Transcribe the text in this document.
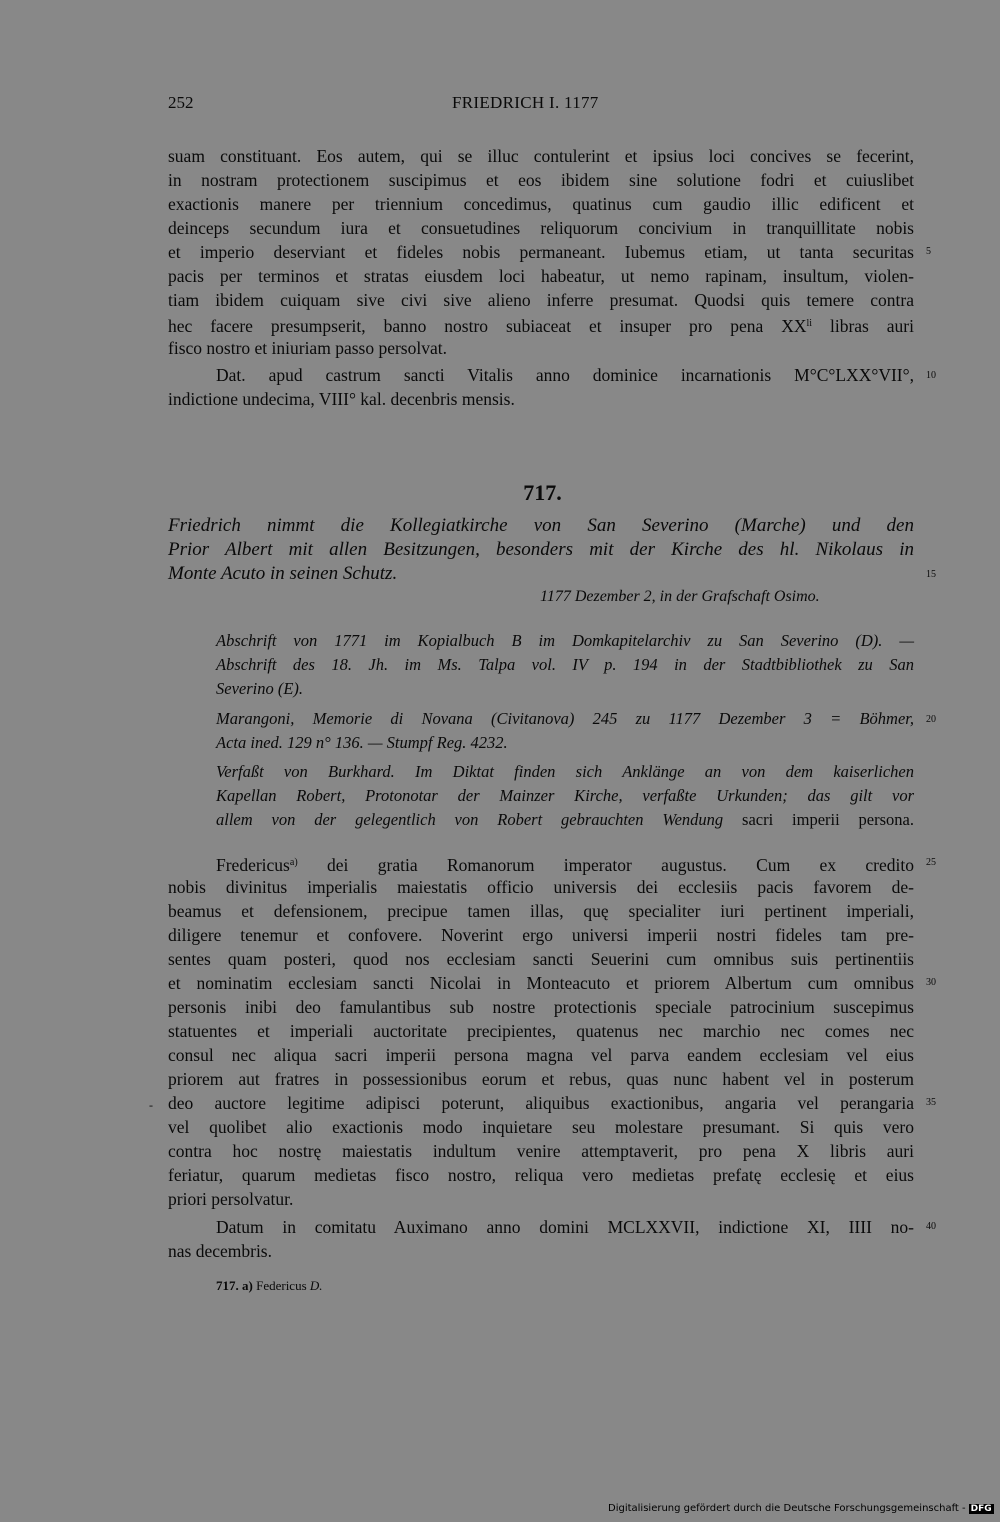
252	FRIEDRICH I. 1177
suam constituant. Eos autem, qui se illuc contulerint et ipsius loci concives se fecerint,
in nostram protectionem suscipimus et eos ibidem sine solutione fodri et cuiuslibet
exactionis manere per triennium concedimus, quatinus cum gaudio illic edificent et
deinceps secundum iura et consuetudines reliquorum concivium in tranquillitate nobis
et imperio deserviant et fideles nobis permaneant. Iubemus etiam, ut tanta securitas
pacis per terminos et stratas eiusdem loci habeatur, ut nemo rapinam, insultum, violen-
tiam ibidem cuiquam sive civi sive alieno inferre presumat. Quodsi quis temere contra
hec facere presumpserit, banno nostro subiaceat et insuper pro pena $XX^{li}$ libras auri
fisco nostro et iniuriam passo persolvat.
Dat. apud castrum sancti Vitalis anno dominice incarnationis M°C°LXX°VII°,
indictione undecima, VIII° kal. decenbris mensis.
717.
Friedrich nimmt die Kollegiatkirche von San Severino (Marche) und den
Prior Albert mit allen Besitzungen, besonders mit der Kirche des hl. Nikolaus in
Monte Acuto in seinen Schutz.
1177 Dezember 2, in der Grafschaft Osimo.
Abschrift von 1771 im Kopialbuch B im Domkapitelarchiv zu San Severino (D). —
Abschrift des 18. Jh. im Ms. Talpa vol. IV p. 194 in der Stadtbibliothek zu San
Severino (E).
Marangoni, Memorie di Novana (Civitanova) 245 zu 1177 Dezember 3 = Böhmer,
Acta ined. 129 n° 136. — Stumpf Reg. 4232.
Verfaßt von Burkhard. Im Diktat finden sich Anklänge an von dem kaiserlichen
Kapellan Robert, Protonotar der Mainzer Kirche, verfaßte Urkunden; das gilt vor
allem von der gelegentlich von Robert gebrauchten Wendung sacri imperii persona.
Fredericus$^{a)}$ dei gratia Romanorum imperator augustus. Cum ex credito
nobis divinitus imperialis maiestatis officio universis dei ecclesiis pacis favorem de-
beamus et defensionem, precipue tamen illas, quę specialiter iuri pertinent imperiali,
diligere tenemur et confovere. Noverint ergo universi imperii nostri fideles tam pre-
sentes quam posteri, quod nos ecclesiam sancti Seuerini cum omnibus suis pertinentiis
et nominatim ecclesiam sancti Nicolai in Monteacuto et priorem Albertum cum omnibus
personis inibi deo famulantibus sub nostre protectionis speciale patrocinium suscepimus
statuentes et imperiali auctoritate precipientes, quatenus nec marchio nec comes nec
consul nec aliqua sacri imperii persona magna vel parva eandem ecclesiam vel eius
priorem aut fratres in possessionibus eorum et rebus, quas nunc habent vel in posterum
deo auctore legitime adipisci poterunt, aliquibus exactionibus, angaria vel perangaria
vel quolibet alio exactionis modo inquietare seu molestare presumant. Si quis vero
contra hoc nostrę maiestatis indultum venire attemptaverit, pro pena X libris auri
feriatur, quarum medietas fisco nostro, reliqua vero medietas prefatę ecclesię et eius
priori persolvatur.
Datum in comitatu Auximano anno domini MCLXXVII, indictione XI, IIII no-
nas decembris.
-
717. a) Federicus D.
5
10
15
20
25
30
35
40
Digitalisierung gefördert durch die Deutsche Forschungsgemeinschaft - DFG
